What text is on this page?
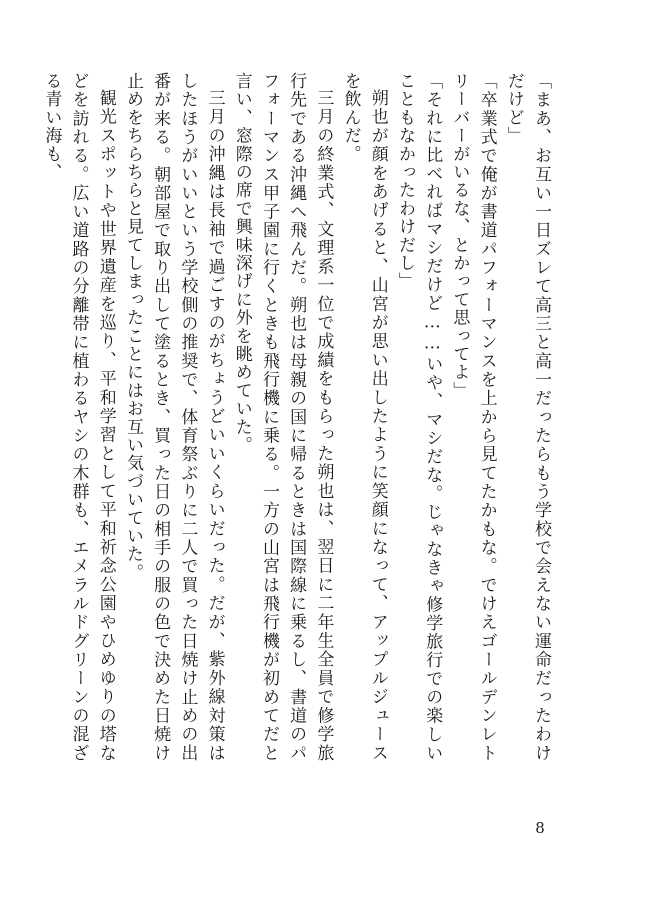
「まあ、お互い一日ズレて高三と高一だったらもう学校で会えない運命だったわけだけど」

「卒業式で俺が書道パフォーマンスを上から見てたかもな。でけえゴールデンレトリーバーがいるな、とかって思ってよ」

「それに比べればマシだけど……いや、マシだな。じゃなきゃ修学旅行での楽しいこともなかったわけだし」

朔也が顔をあげると、山宮が思い出したように笑顔になって、アップルジュースを飲んだ。

三月の終業式、文理系一位で成績をもらった朔也は、翌日に二年生全員で修学旅行先である沖縄へ飛んだ。朔也は母親の国に帰るときは国際線に乗るし、書道のパフォーマンス甲子園に行くときも飛行機に乗る。一方の山宮は飛行機が初めてだと言い、窓際の席で興味深げに外を眺めていた。

三月の沖縄は長袖で過ごすのがちょうどいいくらいだった。だが、紫外線対策はしたほうがいいという学校側の推奨で、体育祭ぶりに二人で買った日焼け止めの出番が来る。朝部屋で取り出して塗るとき、買った日の相手の服の色で決めた日焼け止めをちらちらと見てしまったことにはお互い気づいていた。

観光スポットや世界遺産を巡り、平和学習として平和祈念公園やひめゆりの塔などを訪れる。広い道路の分離帯に植わるヤシの木群も、エメラルドグリーンの混ざる青い海も、

8
